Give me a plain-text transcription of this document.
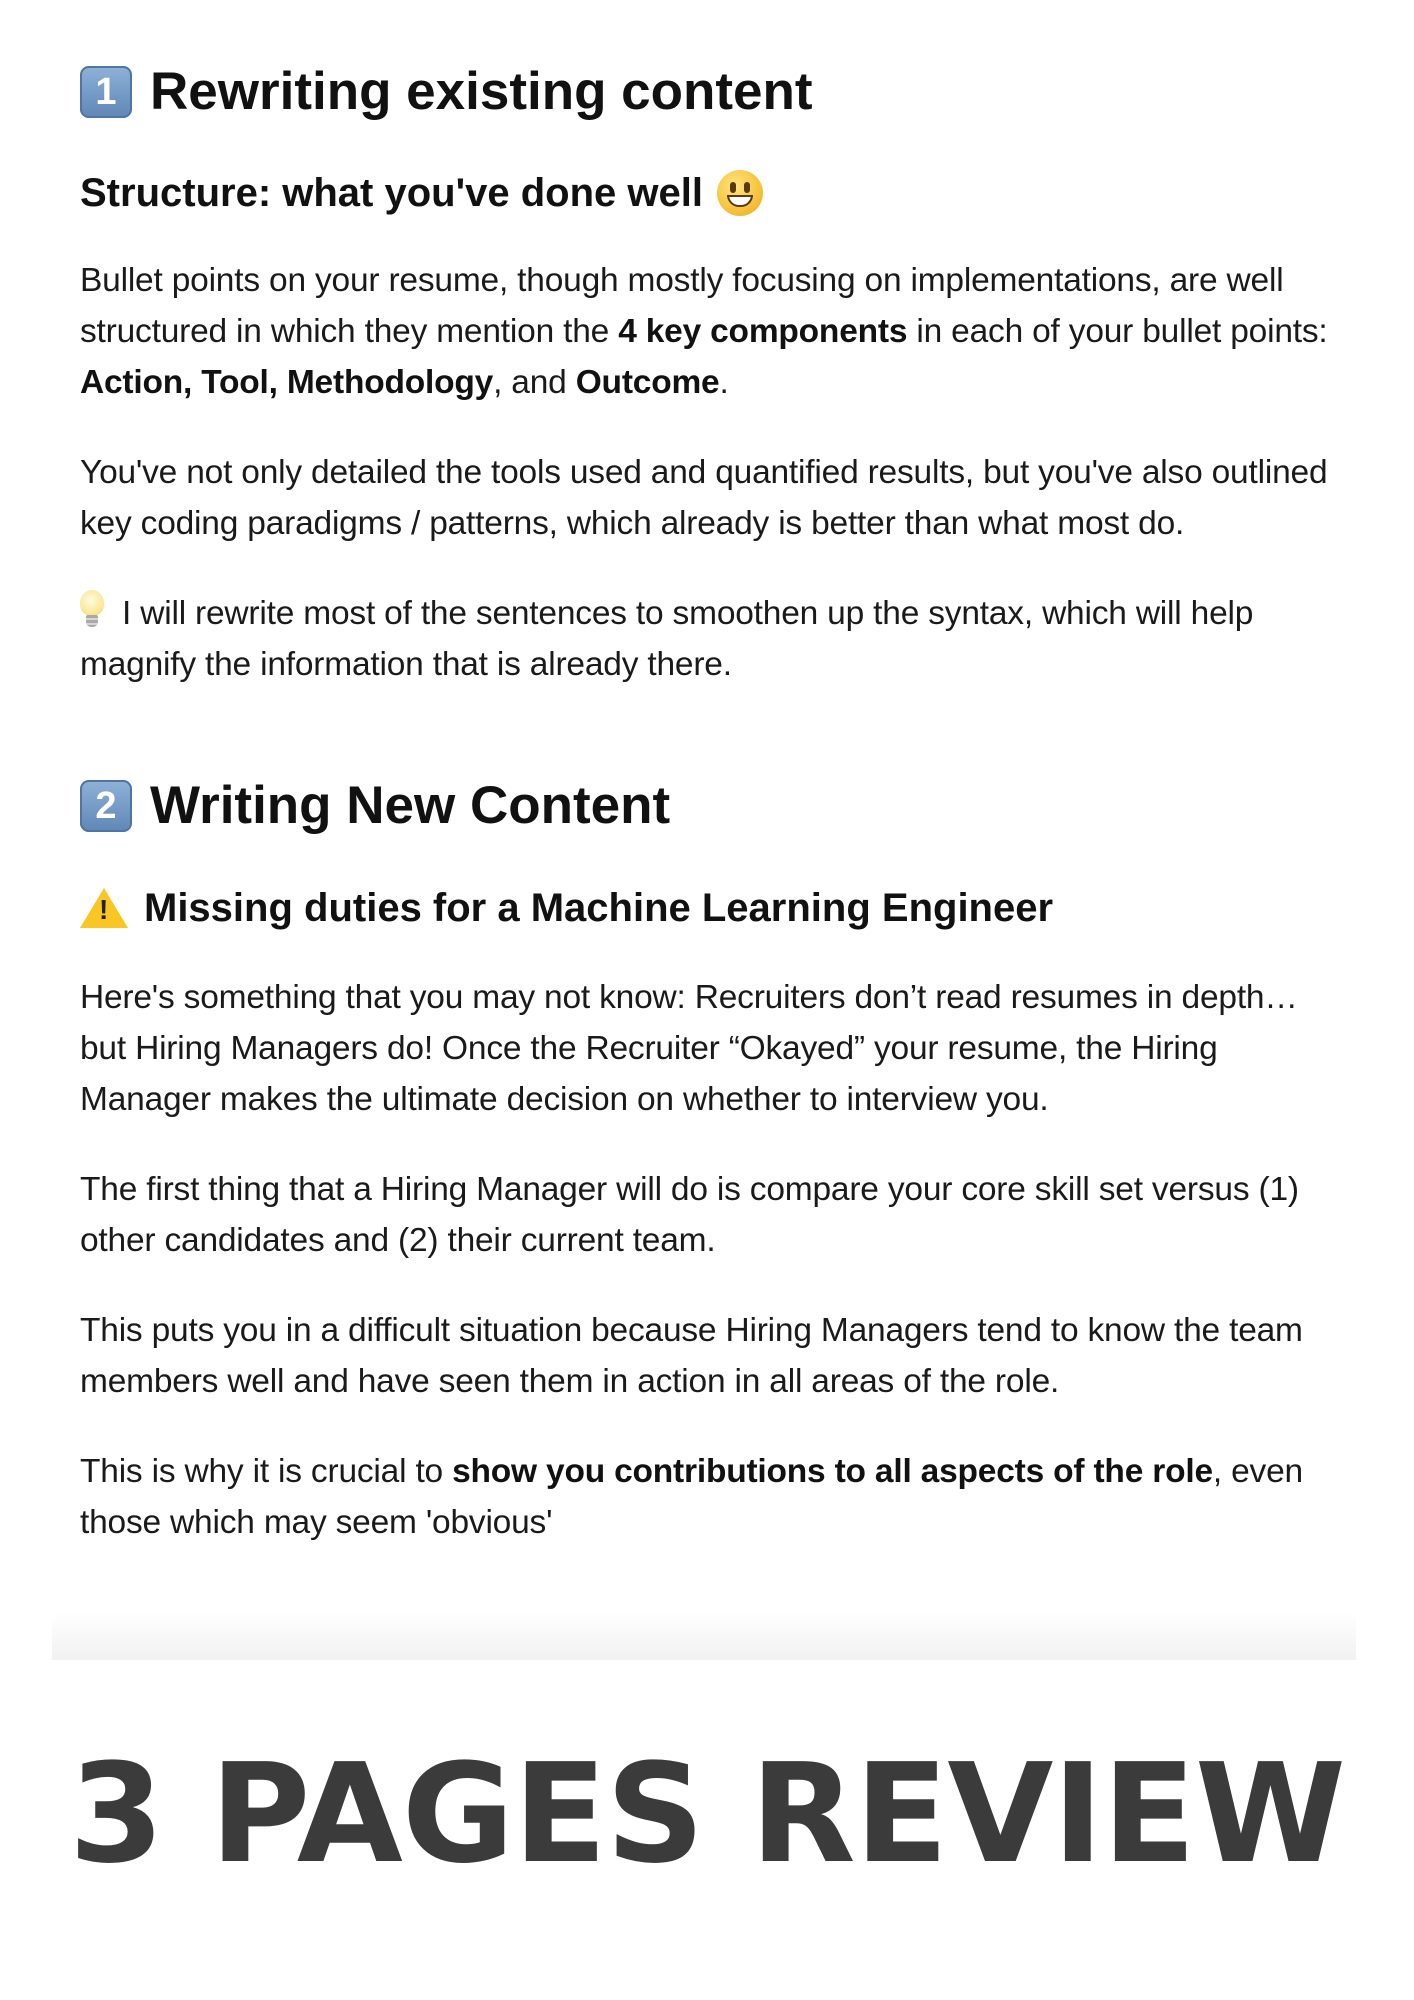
1 Rewriting existing content
Structure: what you've done well

Bullet points on your resume, though mostly focusing on implementations, are well structured in which they mention the 4 key components in each of your bullet points: Action, Tool, Methodology, and Outcome.

You've not only detailed the tools used and quantified results, but you've also outlined key coding paradigms / patterns, which already is better than what most do.

I will rewrite most of the sentences to smoothen up the syntax, which will help magnify the information that is already there.

2 Writing New Content
! Missing duties for a Machine Learning Engineer

Here's something that you may not know: Recruiters don’t read resumes in depth… but Hiring Managers do! Once the Recruiter “Okayed” your resume, the Hiring Manager makes the ultimate decision on whether to interview you.

The first thing that a Hiring Manager will do is compare your core skill set versus (1) other candidates and (2) their current team.

This puts you in a difficult situation because Hiring Managers tend to know the team members well and have seen them in action in all areas of the role.

This is why it is crucial to show you contributions to all aspects of the role, even those which may seem 'obvious'

3 PAGES REVIEW
